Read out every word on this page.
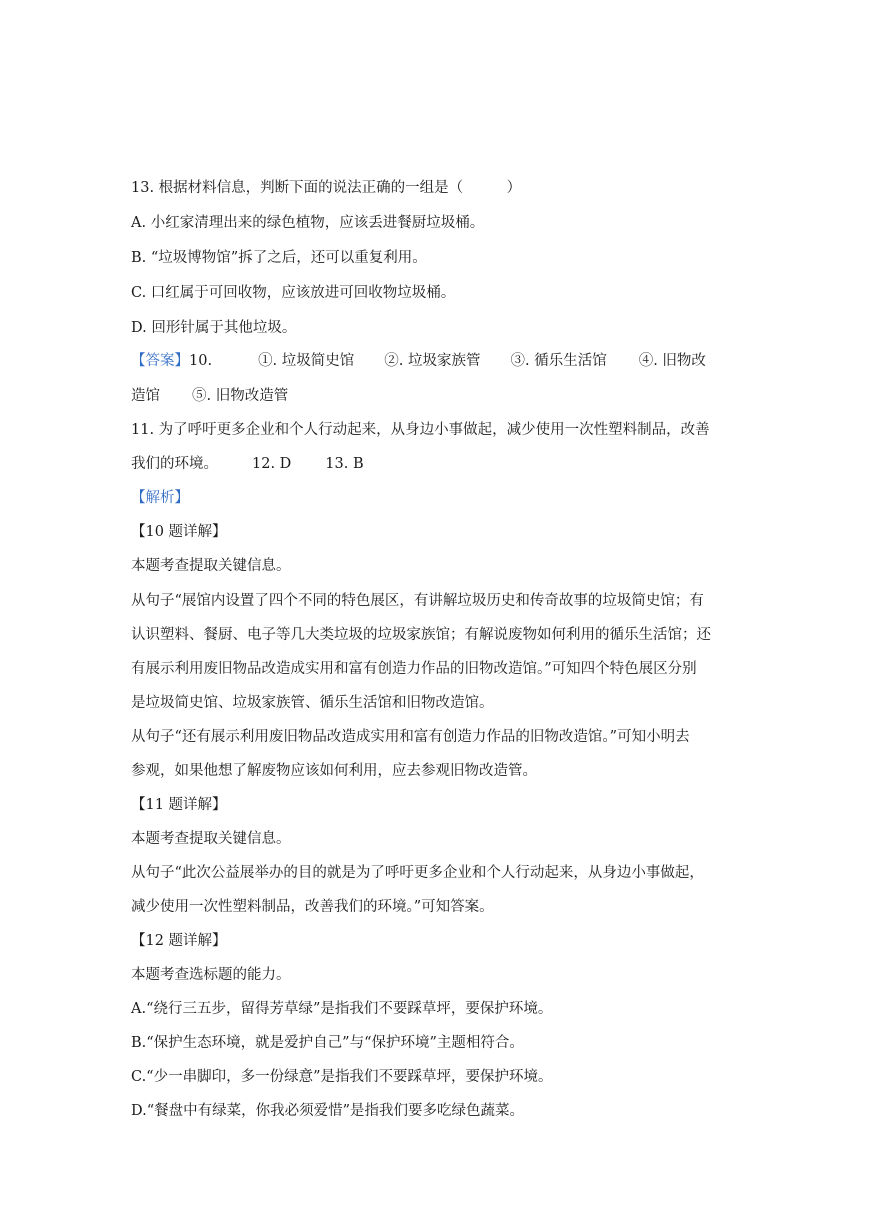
13. 根据材料信息，判断下面的说法正确的一组是（　　　）
A. 小红家清理出来的绿色植物，应该丢进餐厨垃圾桶。
B. “垃圾博物馆”拆了之后，还可以重复利用。
C. 口红属于可回收物，应该放进可回收物垃圾桶。
D. 回形针属于其他垃圾。
【答案】10.	①. 垃圾简史馆 ②. 垃圾家族管 ③. 循乐生活馆 ④. 旧物改
造馆 ⑤. 旧物改造管
11. 为了呼吁更多企业和个人行动起来，从身边小事做起，减少使用一次性塑料制品，改善
我们的环境。 12. D 13. B
【解析】
【10 题详解】
本题考查提取关键信息。
从句子“展馆内设置了四个不同的特色展区，有讲解垃圾历史和传奇故事的垃圾简史馆；有
认识塑料、餐厨、电子等几大类垃圾的垃圾家族馆；有解说废物如何利用的循乐生活馆；还
有展示利用废旧物品改造成实用和富有创造力作品的旧物改造馆。”可知四个特色展区分别
是垃圾简史馆、垃圾家族管、循乐生活馆和旧物改造馆。
从句子“还有展示利用废旧物品改造成实用和富有创造力作品的旧物改造馆。”可知小明去
参观，如果他想了解废物应该如何利用，应去参观旧物改造管。
【11 题详解】
本题考查提取关键信息。
从句子“此次公益展举办的目的就是为了呼吁更多企业和个人行动起来，从身边小事做起，
减少使用一次性塑料制品，改善我们的环境。”可知答案。
【12 题详解】
本题考查选标题的能力。
A.“绕行三五步，留得芳草绿”是指我们不要踩草坪，要保护环境。
B.“保护生态环境，就是爱护自己”与“保护环境”主题相符合。
C.“少一串脚印，多一份绿意”是指我们不要踩草坪，要保护环境。
D.“餐盘中有绿菜，你我必须爱惜”是指我们要多吃绿色蔬菜。
